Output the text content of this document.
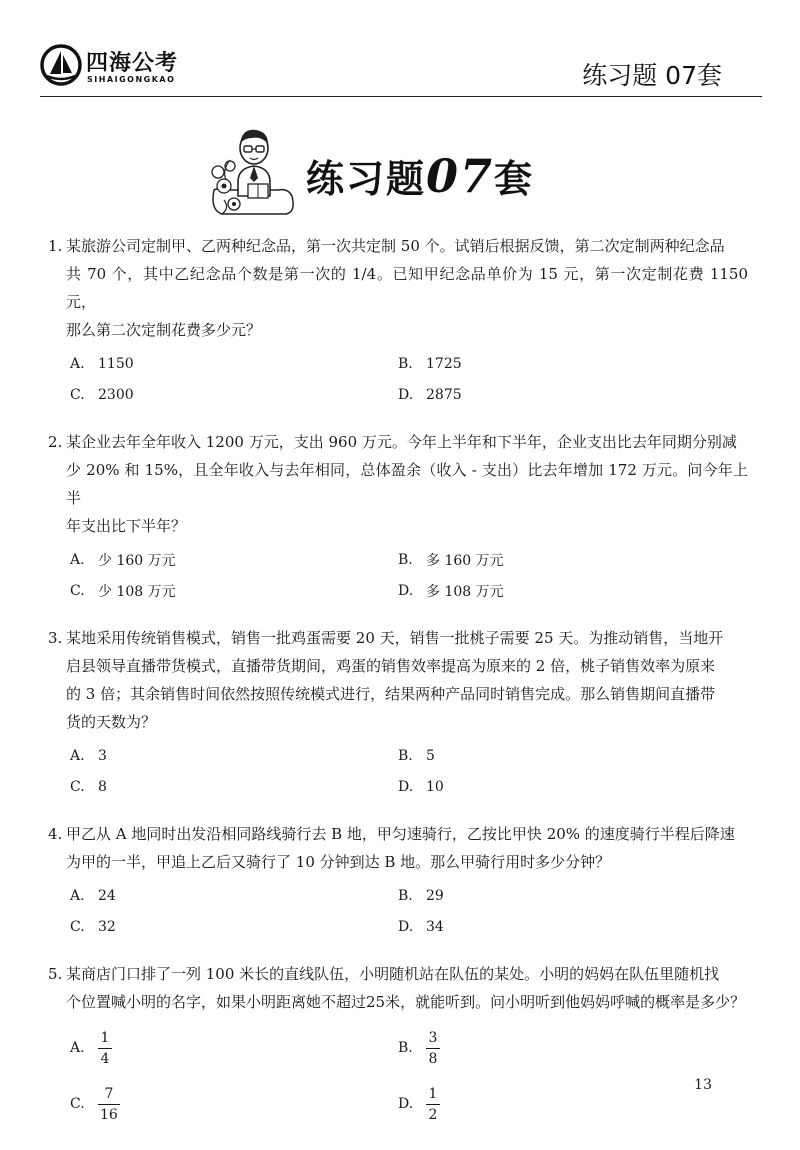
四海公考
SIHAIGONGKAO	练习题 07套
练习题07套
1. 某旅游公司定制甲、乙两种纪念品，第一次共定制 50 个。试销后根据反馈，第二次定制两种纪念品
共 70 个，其中乙纪念品个数是第一次的 1/4。已知甲纪念品单价为 15 元，第一次定制花费 1150 元，
那么第二次定制花费多少元？
A. 1150	B. 1725
C. 2300	D. 2875
2. 某企业去年全年收入 1200 万元，支出 960 万元。今年上半年和下半年，企业支出比去年同期分别减
少 20% 和 15%，且全年收入与去年相同，总体盈余（收入 - 支出）比去年增加 172 万元。问今年上半
年支出比下半年？
A. 少 160 万元	B. 多 160 万元
C. 少 108 万元	D. 多 108 万元
3. 某地采用传统销售模式，销售一批鸡蛋需要 20 天，销售一批桃子需要 25 天。为推动销售，当地开
启县领导直播带货模式，直播带货期间，鸡蛋的销售效率提高为原来的 2 倍，桃子销售效率为原来
的 3 倍；其余销售时间依然按照传统模式进行，结果两种产品同时销售完成。那么销售期间直播带
货的天数为？
A. 3	B. 5
C. 8	D. 10
4. 甲乙从 A 地同时出发沿相同路线骑行去 B 地，甲匀速骑行，乙按比甲快 20% 的速度骑行半程后降速
为甲的一半，甲追上乙后又骑行了 10 分钟到达 B 地。那么甲骑行用时多少分钟？
A. 24	B. 29
C. 32	D. 34
5. 某商店门口排了一列 100 米长的直线队伍，小明随机站在队伍的某处。小明的妈妈在队伍里随机找
个位置喊小明的名字，如果小明距离她不超过25米，就能听到。问小明听到他妈妈呼喊的概率是多少？
A. $\frac{1}{4}$	B. $\frac{3}{8}$
C. $\frac{7}{16}$	D. $\frac{1}{2}$
13
